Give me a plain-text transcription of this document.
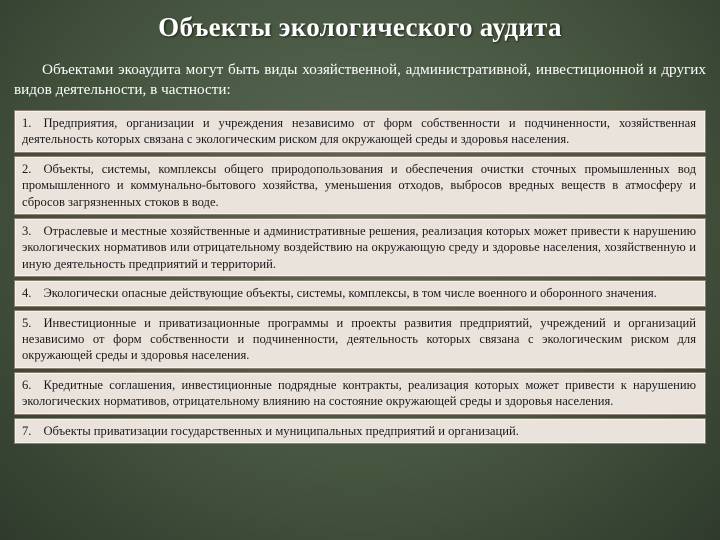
Объекты экологического аудита
Объектами экоаудита могут быть виды хозяйственной, административной, инвестиционной и других видов деятельности, в частности:
1. Предприятия, организации и учреждения независимо от форм собственности и подчиненности, хозяйственная деятельность которых связана с экологическим риском для окружающей среды и здоровья населения.
2. Объекты, системы, комплексы общего природопользования и обеспечения очистки сточных промышленных вод промышленного и коммунально-бытового хозяйства, уменьшения отходов, выбросов вредных веществ в атмосферу и сбросов загрязненных стоков в воде.
3. Отраслевые и местные хозяйственные и административные решения, реализация которых может привести к нарушению экологических нормативов или отрицательному воздействию на окружающую среду и здоровье населения, хозяйственную и иную деятельность предприятий и территорий.
4. Экологически опасные действующие объекты, системы, комплексы, в том числе военного и оборонного значения.
5. Инвестиционные и приватизационные программы и проекты развития предприятий, учреждений и организаций независимо от форм собственности и подчиненности, деятельность которых связана с экологическим риском для окружающей среды и здоровья населения.
6. Кредитные соглашения, инвестиционные подрядные контракты, реализация которых может привести к нарушению экологических нормативов, отрицательному влиянию на состояние окружающей среды и здоровья населения.
7. Объекты приватизации государственных и муниципальных предприятий и организаций.
